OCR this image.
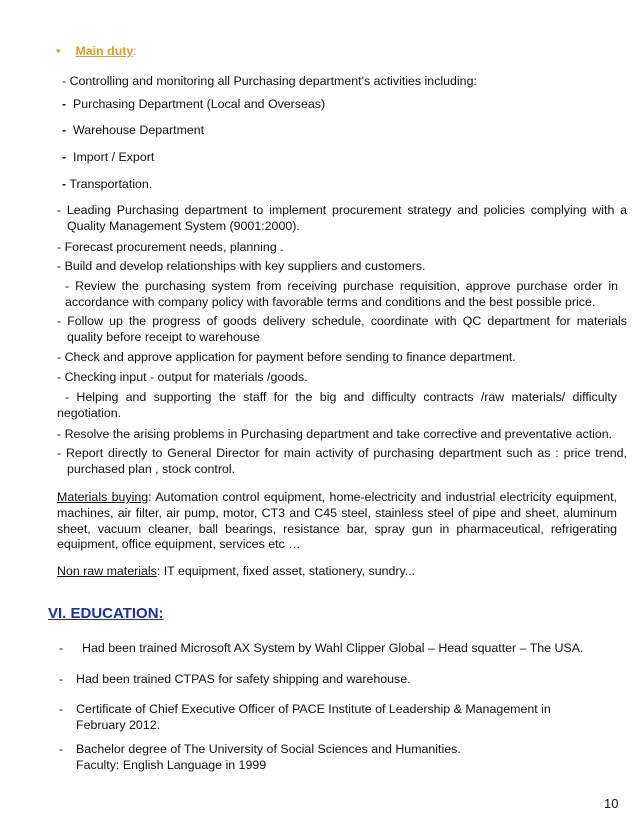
• Main duty:
- Controlling and monitoring all Purchasing department's activities including:
- Purchasing Department (Local and Overseas)
- Warehouse Department
- Import / Export
- Transportation.
- Leading Purchasing department to implement procurement strategy and policies complying with a Quality Management System (9001:2000).
- Forecast procurement needs, planning .
- Build and develop relationships with key suppliers and customers.
- Review the purchasing system from receiving purchase requisition, approve purchase order in accordance with company policy with favorable terms and conditions and the best possible price.
- Follow up the progress of goods delivery schedule, coordinate with QC department for materials quality before receipt to warehouse
- Check and approve application for payment before sending to finance department.
- Checking input - output for materials /goods.
- Helping and supporting the staff for the big and difficulty contracts /raw materials/ difficulty negotiation.
- Resolve the arising problems in Purchasing department and take corrective and preventative action.
- Report directly to General Director for main activity of purchasing department such as : price trend, purchased plan , stock control.
Materials buying: Automation control equipment, home-electricity and industrial electricity equipment, machines, air filter, air pump, motor, CT3 and C45 steel, stainless steel of pipe and sheet, aluminum sheet, vacuum cleaner, ball bearings, resistance bar, spray gun in pharmaceutical, refrigerating equipment, office equipment, services etc …
Non raw materials: IT equipment, fixed asset, stationery, sundry...
VI. EDUCATION:
- Had been trained Microsoft AX System by Wahl Clipper Global – Head squatter – The USA.
- Had been trained CTPAS for safety shipping and warehouse.
- Certificate of Chief Executive Officer of PACE Institute of Leadership & Management in
February 2012.
- Bachelor degree of The University of Social Sciences and Humanities.
Faculty: English Language in 1999
10
